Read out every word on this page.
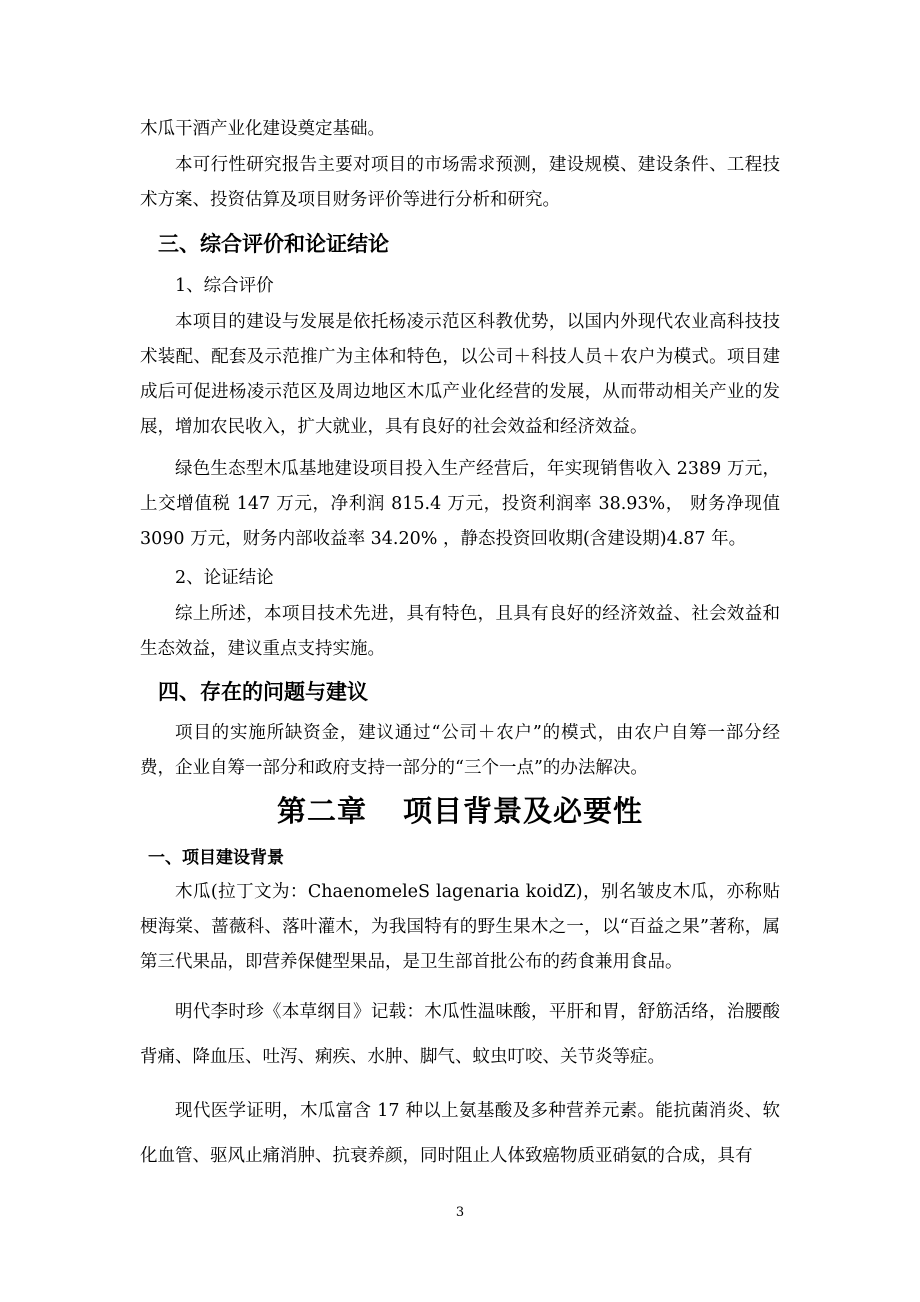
木瓜干酒产业化建设奠定基础。

本可行性研究报告主要对项目的市场需求预测，建设规模、建设条件、工程技术方案、投资估算及项目财务评价等进行分析和研究。

三、综合评价和论证结论

1、综合评价

本项目的建设与发展是依托杨凌示范区科教优势，以国内外现代农业高科技技术装配、配套及示范推广为主体和特色，以公司＋科技人员＋农户为模式。项目建成后可促进杨凌示范区及周边地区木瓜产业化经营的发展，从而带动相关产业的发展，增加农民收入，扩大就业，具有良好的社会效益和经济效益。

绿色生态型木瓜基地建设项目投入生产经营后，年实现销售收入 2389 万元，上交增值税 147 万元，净利润 815.4 万元，投资利润率 38.93%， 财务净现值 3090 万元，财务内部收益率 34.20% ，静态投资回收期(含建设期)4.87 年。

2、论证结论

综上所述，本项目技术先进，具有特色，且具有良好的经济效益、社会效益和生态效益，建议重点支持实施。

四、存在的问题与建议

项目的实施所缺资金，建议通过“公司＋农户”的模式，由农户自筹一部分经费，企业自筹一部分和政府支持一部分的“三个一点”的办法解决。

第二章 项目背景及必要性
一、项目建设背景

木瓜(拉丁文为：ChaenomeleS lagenaria koidZ)，别名皱皮木瓜，亦称贴梗海棠、蔷薇科、落叶灌木，为我国特有的野生果木之一，以“百益之果”著称，属第三代果品，即营养保健型果品，是卫生部首批公布的药食兼用食品。

明代李时珍《本草纲目》记载：木瓜性温味酸，平肝和胃，舒筋活络，治腰酸背痛、降血压、吐泻、痢疾、水肿、脚气、蚊虫叮咬、关节炎等症。

现代医学证明，木瓜富含 17 种以上氨基酸及多种营养元素。能抗菌消炎、软化血管、驱风止痛消肿、抗衰养颜，同时阻止人体致癌物质亚硝氨的合成，具有

3
